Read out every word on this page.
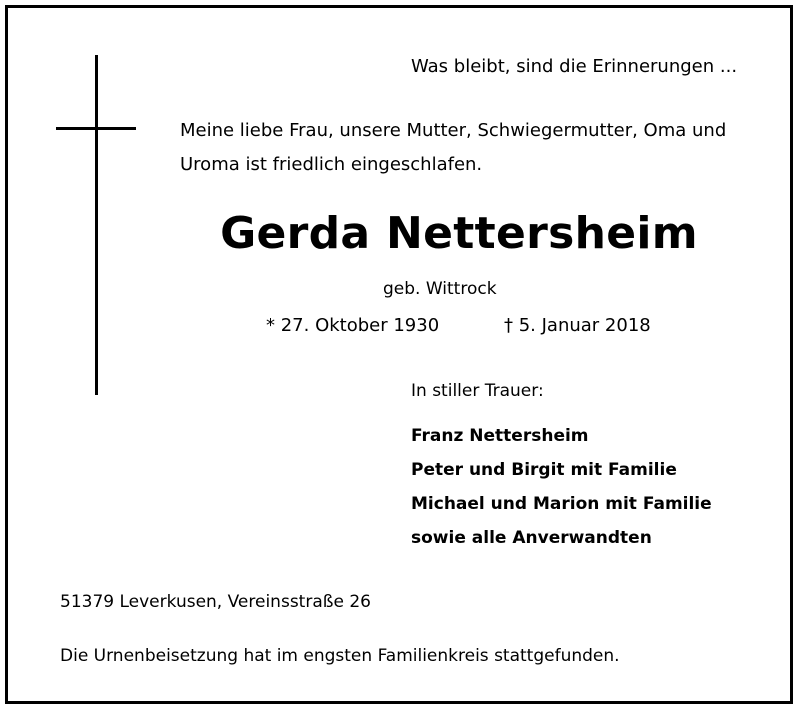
Was bleibt, sind die Erinnerungen ...
Meine liebe Frau, unsere Mutter, Schwiegermutter, Oma und
Uroma ist friedlich eingeschlafen.
Gerda Nettersheim
geb. Wittrock
* 27. Oktober 1930	† 5. Januar 2018
In stiller Trauer:
Franz Nettersheim
Peter und Birgit mit Familie
Michael und Marion mit Familie
sowie alle Anverwandten
51379 Leverkusen, Vereinsstraße 26
Die Urnenbeisetzung hat im engsten Familienkreis stattgefunden.
